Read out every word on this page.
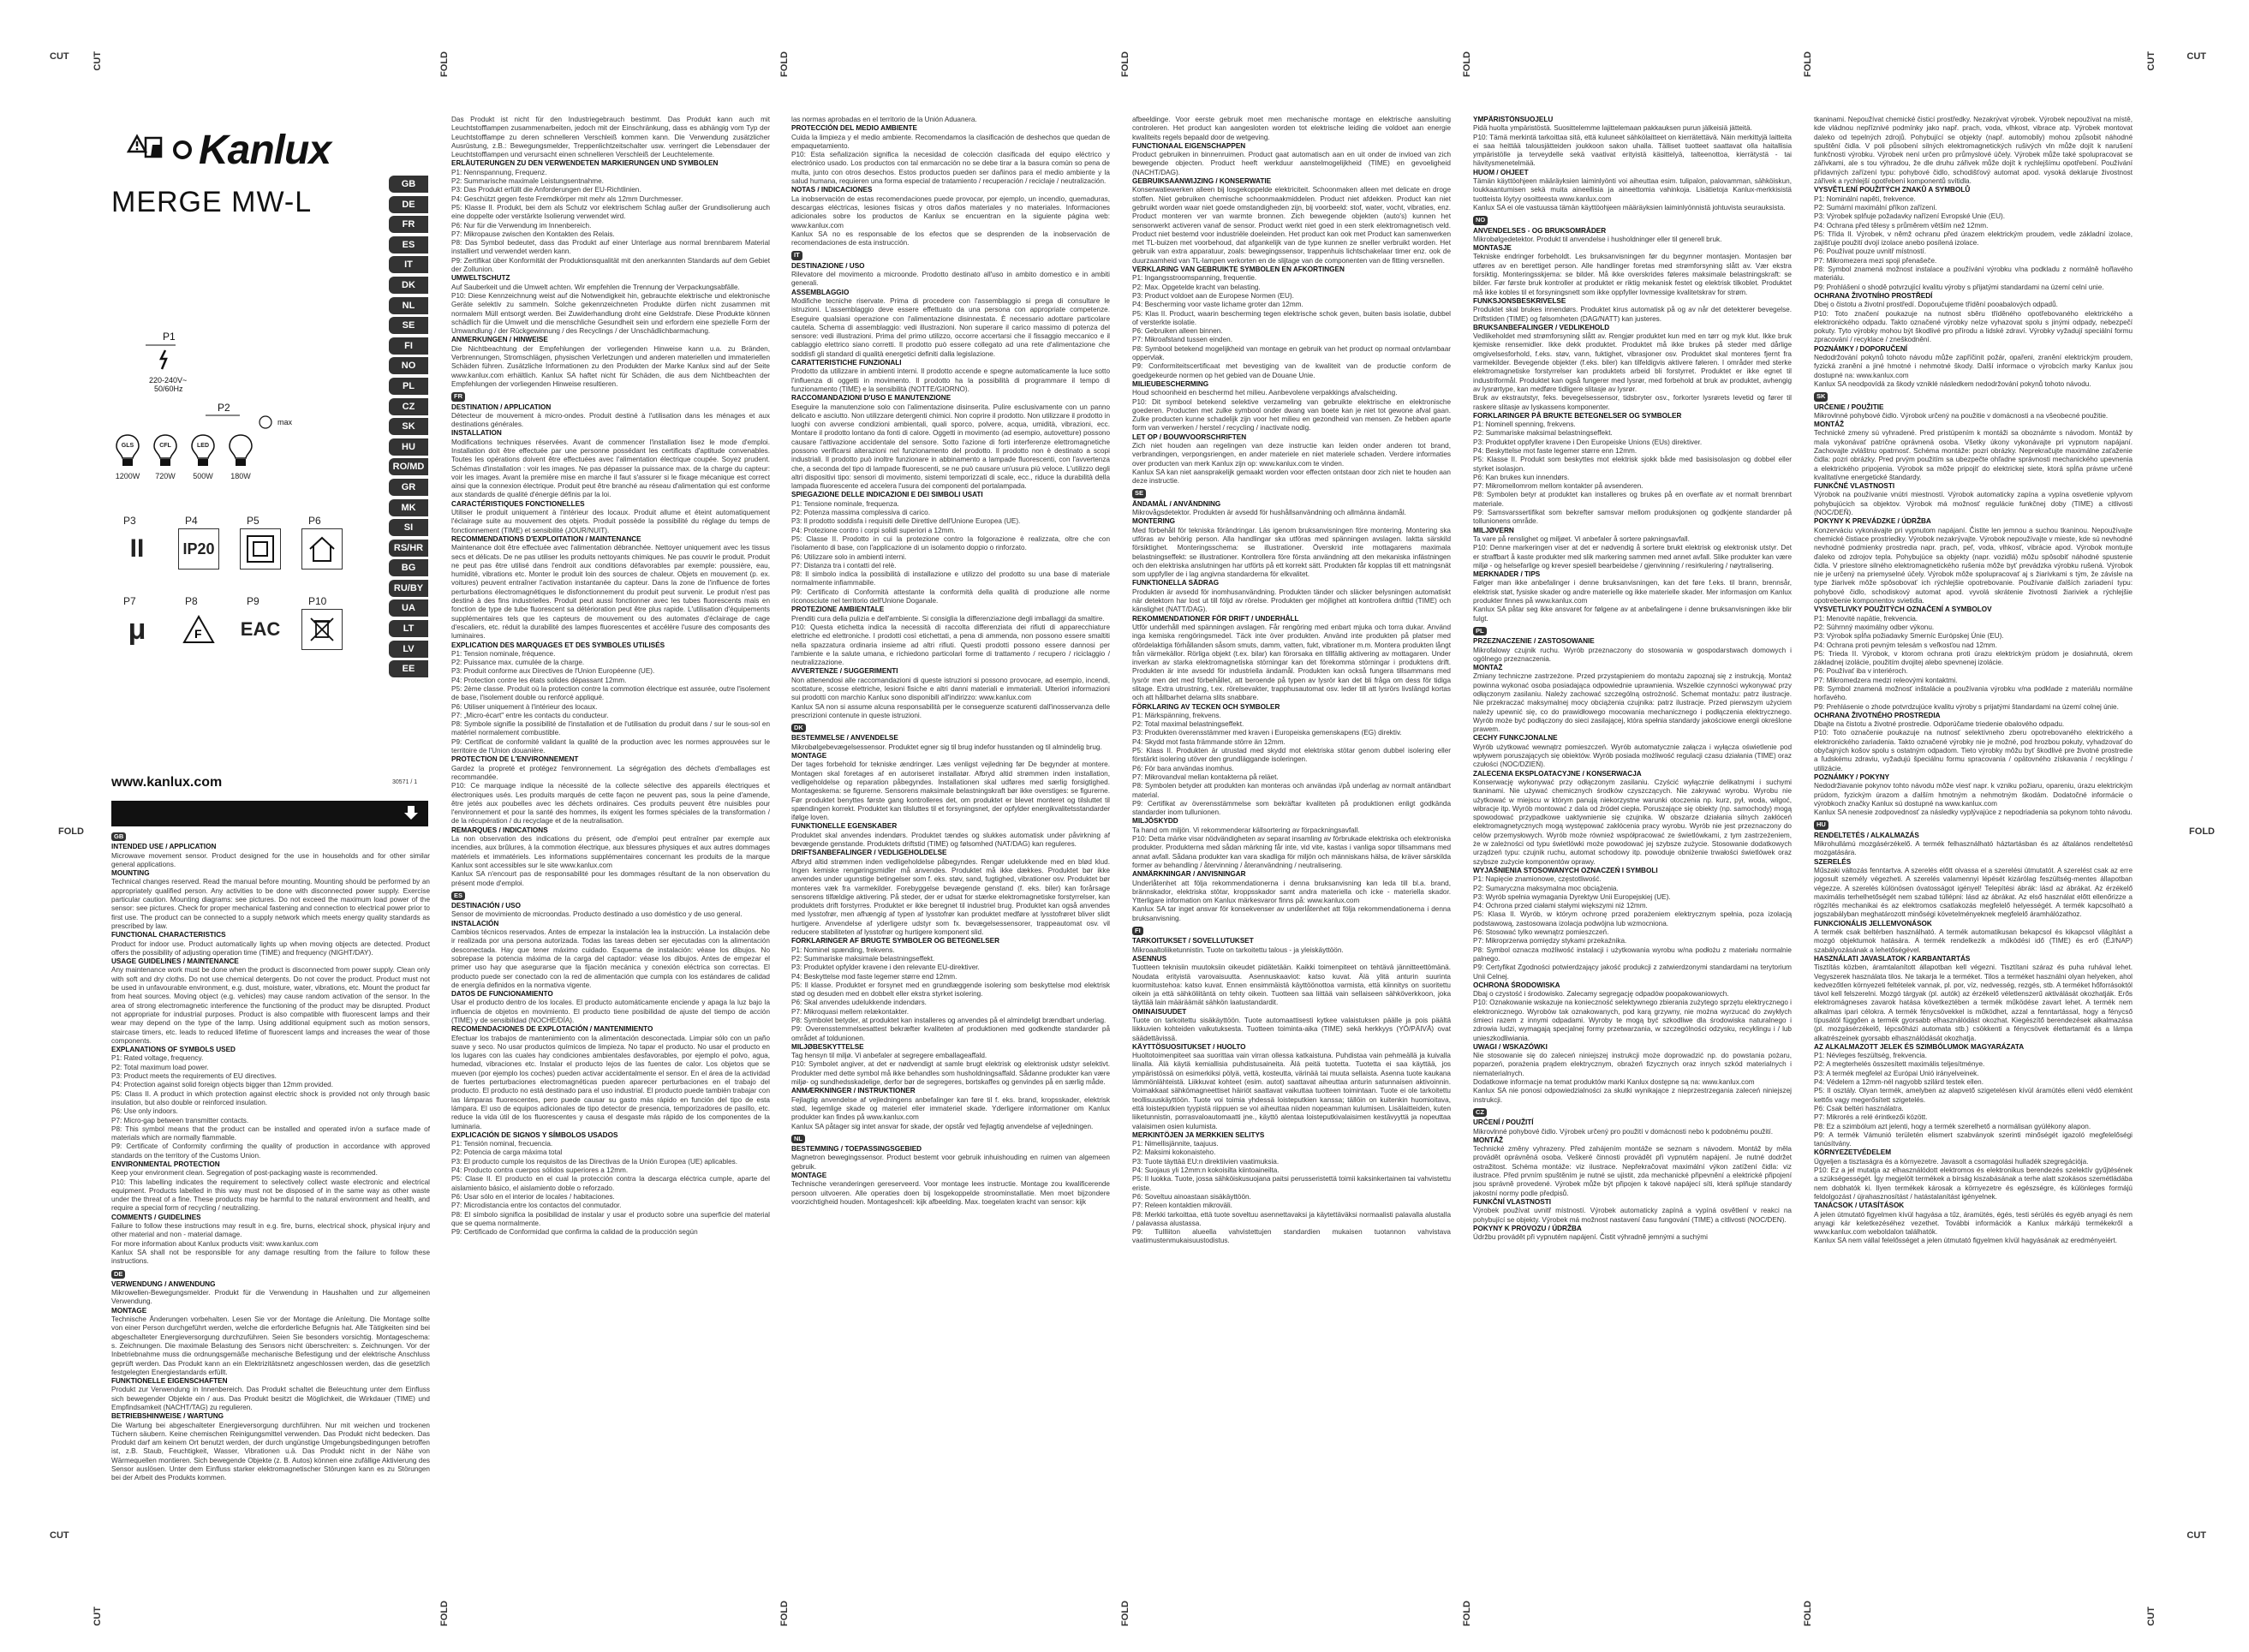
CUT	CUT
CUT	CUT
CUT	CUT
CUT	CUT
FOLD	FOLD	FOLD	FOLD	FOLD
FOLD	FOLD	FOLD	FOLD	FOLD
FOLD	FOLD
Kanlux
MERGE MW-L
GB
DE
FR
ES
IT
DK
NL
SE
FI
NO
PL
CZ
SK
HU
RO/MD
GR
MK
SI
RS/HR
BG
RU/BY
UA
LT
LV
EE
P1
220-240V~
50/60Hz
P2
max
GLS
1200W
CFL
720W
LED
500W	180W
P3
II
P4
IP20
P5	P6
P7
μ
P8
F
P9
EAC
P10
www.kanlux.com	30571 / 1
GB

INTENDED USE / APPLICATION

Microwave movement sensor. Product designed for the use in households and for other similar general applications.

MOUNTING

Technical changes reserved. Read the manual before mounting. Mounting should be performed by an appropriately qualified person. Any activities to be done with disconnected power supply. Exercise particular caution. Mounting diagrams: see pictures. Do not exceed the maximum load power of the sensor: see pictures. Check for proper mechanical fastening and connection to electrical power prior to first use. The product can be connected to a supply network which meets energy quality standards as prescribed by law.

FUNCTIONAL CHARACTERISTICS

Product for indoor use. Product automatically lights up when moving objects are detected. Product offers the possibility of adjusting operation time (TIME) and frequency (NIGHT/DAY).

USAGE GUIDELINES / MAINTENANCE

Any maintenance work must be done when the product is disconnected from power supply. Clean only with soft and dry cloths. Do not use chemical detergents. Do not cover the product. Product must not be used in unfavourable environment, e.g. dust, moisture, water, vibrations, etc. Mount the product far from heat sources. Moving object (e.g. vehicles) may cause random activation of the sensor. In the area of strong electromagnetic interference the functioning of the product may be disrupted. Product not appropriate for industrial purposes. Product is also compatible with fluorescent lamps and their wear may depend on the type of the lamp. Using additional equipment such as motion sensors, staircase timers, etc. leads to reduced lifetime of fluorescent lamps and increases the wear of those components.

EXPLANATIONS OF SYMBOLS USED

P1: Rated voltage, frequency.

P2: Total maximum load power.

P3: Product meets the requirements of EU directives.

P4: Protection against solid foreign objects bigger than 12mm provided.

P5: Class II. A product in which protection against electric shock is provided not only through basic insulation, but also double or reinforced insulation.

P6: Use only indoors.

P7: Micro-gap between transmitter contacts.

P8: This symbol means that the product can be installed and operated in/on a surface made of materials which are normally flammable.

P9: Certificate of Conformity confirming the quality of production in accordance with approved standards on the territory of the Customs Union.

ENVIRONMENTAL PROTECTION

Keep your environment clean. Segregation of post-packaging waste is recommended.

P10: This labelling indicates the requirement to selectively collect waste electronic and electrical equipment. Products labelled in this way must not be disposed of in the same way as other waste under the threat of a fine. These products may be harmful to the natural environment and health, and require a special form of recycling / neutralizing.

COMMENTS / GUIDELINES

Failure to follow these instructions may result in e.g. fire, burns, electrical shock, physical injury and other material and non - material damage.

For more information about Kanlux products visit: www.kanlux.com

Kanlux SA shall not be responsible for any damage resulting from the failure to follow these instructions.

DE

VERWENDUNG / ANWENDUNG

Mikrowellen-Bewegungsmelder. Produkt für die Verwendung in Haushalten und zur allgemeinen Verwendung.

MONTAGE

Technische Änderungen vorbehalten. Lesen Sie vor der Montage die Anleitung. Die Montage sollte von einer Person durchgeführt werden, welche die erforderliche Befugnis hat. Alle Tätigkeiten sind bei abgeschalteter Energieversorgung durchzuführen. Seien Sie besonders vorsichtig. Montageschema: s. Zeichnungen. Die maximale Belastung des Sensors nicht überschreiten: s. Zeichnungen. Vor der Inbetriebnahme muss die ordnungsgemäße mechanische Befestigung und der elektrische Anschluss geprüft werden. Das Produkt kann an ein Elektrizitätsnetz angeschlossen werden, das die gesetzlich festgelegten Energiestandards erfüllt.

FUNKTIONELLE EIGENSCHAFTEN

Produkt zur Verwendung in Innenbereich. Das Produkt schaltet die Beleuchtung unter dem Einfluss sich bewegender Objekte ein / aus. Das Produkt besitzt die Möglichkeit, die Wirkdauer (TIME) und Empfindsamkeit (NACHT/TAG) zu regulieren.

BETRIEBSHINWEISE / WARTUNG

Die Wartung bei abgeschalteter Energieversorgung durchführen. Nur mit weichen und trockenen Tüchern säubern. Keine chemischen Reinigungsmittel verwenden. Das Produkt nicht bedecken. Das Produkt darf am keinem Ort benutzt werden, der durch ungünstige Umgebungsbedingungen betroffen ist, z.B. Staub, Feuchtigkeit, Wasser, Vibrationen u.ä. Das Produkt nicht in der Nähe von Wärmequellen montieren. Sich bewegende Objekte (z. B. Autos) können eine zufällige Aktivierung des Sensor auslösen. Unter dem Einfluss starker elektromagnetischer Störungen kann es zu Störungen bei der Arbeit des Produkts kommen.

Das Produkt ist nicht für den Industriegebrauch bestimmt. Das Produkt kann auch mit Leuchtstofflampen zusammenarbeiten, jedoch mit der Einschränkung, dass es abhängig vom Typ der Leuchtstofflampe zu deren schnelleren Verschleiß kommen kann. Die Verwendung zusätzlicher Ausrüstung, z.B.: Bewegungsmelder, Treppenlichtzeitschalter usw. verringert die Lebensdauer der Leuchtstofflampen und verursacht einen schnelleren Verschleiß der Leuchtelemente.

ERLÄUTERUNGEN ZU DEN VERWENDETEN MARKIERUNGEN UND SYMBOLEN

P1: Nennspannung, Frequenz.

P2: Summarische maximale Leistungsentnahme.

P3: Das Produkt erfüllt die Anforderungen der EU-Richtlinien.

P4: Geschützt gegen feste Fremdkörper mit mehr als 12mm Durchmesser.

P5: Klasse II. Produkt, bei dem als Schutz vor elektrischem Schlag außer der Grundisolierung auch eine doppelte oder verstärkte Isolierung verwendet wird.

P6: Nur für die Verwendung im Innenbereich.

P7: Mikropause zwischen den Kontakten des Relais.

P8: Das Symbol bedeutet, dass das Produkt auf einer Unterlage aus normal brennbarem Material installiert und verwendet werden kann.

P9: Zertifikat über Konformität der Produktionsqualität mit den anerkannten Standards auf dem Gebiet der Zollunion.

UMWELTSCHUTZ

Auf Sauberkeit und die Umwelt achten. Wir empfehlen die Trennung der Verpackungsabfälle.

P10: Diese Kennzeichnung weist auf die Notwendigkeit hin, gebrauchte elektrische und elektronische Geräte selektiv zu sammeln. Solche gekennzeichneten Produkte dürfen nicht zusammen mit normalem Müll entsorgt werden. Bei Zuwiderhandlung droht eine Geldstrafe. Diese Produkte können schädlich für die Umwelt und die menschliche Gesundheit sein und erfordern eine spezielle Form der Umwandlung / der Rückgewinnung / des Recyclings / der Unschädlichbarmachung.

ANMERKUNGEN / HINWEISE

Die Nichtbeachtung der Empfehlungen der vorliegenden Hinweise kann u.a. zu Bränden, Verbrennungen, Stromschlägen, physischen Verletzungen und anderen materiellen und immateriellen Schäden führen. Zusätzliche Informationen zu den Produkten der Marke Kanlux sind auf der Seite www.kanlux.com erhältlich. Kanlux SA haftet nicht für Schäden, die aus dem Nichtbeachten der Empfehlungen der vorliegenden Hinweise resultieren.

FR

DESTINATION / APPLICATION

Détecteur de mouvement à micro-ondes. Produit destiné à l'utilisation dans les ménages et aux destinations générales.

INSTALLATION

Modifications techniques réservées. Avant de commencer l'installation lisez le mode d'emploi. Installation doit être effectuée par une personne possédant les certificats d'aptitude convenables. Toutes les opérations doivent être effectuées avec l'alimentation électrique coupée. Soyez prudent. Schémas d'installation : voir les images. Ne pas dépasser la puissance max. de la charge du capteur: voir les images. Avant la première mise en marche il faut s'assurer si le fixage mécanique est correct ainsi que la connexion électrique. Produit peut être branché au réseau d'alimentation qui est conforme aux standards de qualité d'énergie définis par la loi.

CARACTÉRISTIQUES FONCTIONELLES

Utiliser le produit uniquement à l'intérieur des locaux. Produit allume et éteint automatiquement l'éclairage suite au mouvement des objets. Produit possède la possibilité du réglage du temps de fonctionnement (TIME) et sensibilité (JOUR/NUIT).

RECOMMENDATIONS D'EXPLOITATION / MAINTENANCE

Maintenance doit être effectuée avec l'alimentation débranchée. Nettoyer uniquement avec les tissus secs et délicats. De ne pas utiliser les produits nettoyants chimiques. Ne pas couvrir le produit. Produit ne peut pas être utilisé dans l'endroit aux conditions défavorables par exemple: poussière, eau, humidité, vibrations etc. Monter le produit loin des sources de chaleur. Objets en mouvement (p. ex. voitures) peuvent entraîner l'activation instantanée du capteur. Dans la zone de l'influence de fortes perturbations électromagnétiques le disfonctionnement du produit peut survenir. Le produit n'est pas destiné à des fins industrielles. Produit peut aussi fonctionner avec les tubes fluorescents mais en fonction de type de tube fluorescent sa détérioration peut être plus rapide. L'utilisation d'équipements supplémentaires tels que les capteurs de mouvement ou des automates d'éclairage de cage d'escaliers, etc. réduit la durabilité des lampes fluorescentes et accélère l'usure des composants des luminaires.

EXPLICATION DES MARQUAGES ET DES SYMBOLES UTILISÉS

P1: Tension nominale, fréquence.

P2: Puissance max. cumulée de la charge.

P3: Produit conforme aux Directives de l'Union Européenne (UE).

P4: Protection contre les états solides dépassant 12mm.

P5: 2ème classe. Produit où la protection contre la commotion électrique est assurée, outre l'isolement de base, l'isolement double ou renforcé appliqué.

P6: Utiliser uniquement à l'intérieur des locaux.

P7: „Micro-écart" entre les contacts du conducteur.

P8: Symbole signifie la possibilité de l'installation et de l'utilisation du produit dans / sur le sous-sol en matériel normalement combustible.

P9: Certificat de conformité validant la qualité de la production avec les normes approuvées sur le territoire de l'Union douanière.

PROTECTION DE L'ENVIRONNEMENT

Gardez la propreté et protégez l'environnement. La ségrégation des déchets d'emballages est recommandée.

P10: Ce marquage indique la nécessité de la collecte sélective des appareils électriques et électroniques usés. Les produits marqués de cette façon ne peuvent pas, sous la peine d'amende, être jetés aux poubelles avec les déchets ordinaires. Ces produits peuvent être nuisibles pour l'environnement et pour la santé des hommes, ils exigent les formes spéciales de la transformation / de la récupération / du recyclage et de la neutralisation.

REMARQUES / INDICATIONS

La non observation des indications du présent, ode d'emploi peut entraîner par exemple aux incendies, aux brûlures, à la commotion électrique, aux blessures physiques et aux autres dommages matériels et immatériels. Les informations supplémentaires concernant les produits de la marque Kanlux sont accessibles sur le site www.kanlux.com

Kanlux SA n'encourt pas de responsabilité pour les dommages résultant de la non observation du présent mode d'emploi.

ES

DESTINACIÓN / USO

Sensor de movimiento de microondas. Producto destinado a uso doméstico y de uso general.

INSTALACIÓN

Cambios técnicos reservados. Antes de empezar la instalación lea la instrucción. La instalación debe ir realizada por una persona autorizada. Todas las tareas deben ser ejecutadas con la alimentación desconectada. Hay que tener máximo cuidado. Esquema de instalación: véase los dibujos. No sobrepase la potencia máxima de la carga del captador: véase los dibujos. Antes de empezar el primer uso hay que asegurarse que la fijación mecánica y conexión eléctrica son correctas. El producto puede ser conectado con la red de alimentación que cumpla con los estándares de calidad de energía definidos en la normativa vigente.

DATOS DE FUNCIONAMIENTO

Usar el producto dentro de los locales. El producto automáticamente enciende y apaga la luz bajo la influencia de objetos en movimiento. El producto tiene posibilidad de ajuste del tiempo de acción (TIME) y de sensibilidad (NOCHE/DÍA).

RECOMENDACIONES DE EXPLOTACIÓN / MANTENIMIENTO

Efectuar los trabajos de mantenimiento con la alimentación desconectada. Limpiar sólo con un paño suave y seco. No usar productos químicos de limpieza. No tapar el producto. No usar el producto en los lugares con las cuales hay condiciones ambientales desfavorables, por ejemplo el polvo, agua, humedad, vibraciones etc. Instalar el producto lejos de las fuentes de calor. Los objetos que se mueven (por ejemplo los coches) pueden activar accidentalmente el sensor. En el área de la actividad de fuertes perturbaciones electromagnéticas pueden aparecer perturbaciones en el trabajo del producto. El producto no está destinado para el uso industrial. El producto puede también trabajar con las lámparas fluorescentes, pero puede causar su gasto más rápido en función del tipo de esta lámpara. El uso de equipos adicionales de tipo detector de presencia, temporizadores de pasillo, etc. reduce la vida útil de los fluorescentes y causa el desgaste más rápido de los componentes de la luminaria.

EXPLICACIÓN DE SIGNOS Y SÍMBOLOS USADOS

P1: Tensión nominal, frecuencia.

P2: Potencia de carga máxima total

P3: El producto cumple los requisitos de las Directivas de la Unión Europea (UE) aplicables.

P4: Producto contra cuerpos sólidos superiores a 12mm.

P5: Clase II. El producto en el cual la protección contra la descarga eléctrica cumple, aparte del aislamiento básico, el aislamiento doble o reforzado.

P6: Usar sólo en el interior de locales / habitaciones.

P7: Microdistancia entre los contactos del conmutador.

P8: El símbolo significa la posibilidad de instalar y usar el producto sobre una superficie del material que se quema normalmente.

P9: Certificado de Conformidad que confirma la calidad de la producción según

las normas aprobadas en el territorio de la Unión Aduanera.

PROTECCIÓN DEL MEDIO AMBIENTE

Cuida la limpieza y el medio ambiente. Recomendamos la clasificación de deshechos que quedan de empaquetamiento.

P10: Esta señalización significa la necesidad de colección clasificada del equipo eléctrico y electrónico usado. Los productos con tal enmarcación no se debe tirar a la basura común so pena de multa, junto con otros desechos. Estos productos pueden ser dañinos para el medio ambiente y la salud humana, requieren una forma especial de tratamiento / recuperación / reciclaje / neutralización.

NOTAS / INDICACIONES

La inobservación de estas recomendaciones puede provocar, por ejemplo, un incendio, quemaduras, descargas eléctricas, lesiones físicas y otros daños materiales y no materiales. Informaciones adicionales sobre los productos de Kanlux se encuentran en la siguiente página web: www.kanlux.com

Kanlux SA no es responsable de los efectos que se desprenden de la inobservación de recomendaciones de esta instrucción.

IT

DESTINAZIONE / USO

Rilevatore del movimento a microonde. Prodotto destinato all'uso in ambito domestico e in ambiti generali.

ASSEMBLAGGIO

Modifiche tecniche riservate. Prima di procedere con l'assemblaggio si prega di consultare le istruzioni. L'assemblaggio deve essere effettuato da una persona con appropriate competenze. Eseguire qualsiasi operazione con l'alimentazione disinnestata. È necessario adottare particolare cautela. Schema di assemblaggio: vedi illustrazioni. Non superare il carico massimo di potenza del sensore: vedi illustrazioni. Prima del primo utilizzo, occorre accertarsi che il fissaggio meccanico e il cablaggio elettrico siano corretti. Il prodotto può essere collegato ad una rete d'alimentazione che soddisfi gli standard di qualità energetici definiti dalla legislazione.

CARATTERISTICHE FUNZIONALI

Prodotto da utilizzare in ambienti interni. Il prodotto accende e spegne automaticamente la luce sotto l'influenza di oggetti in movimento. Il prodotto ha la possibilità di programmare il tempo di funzionamento (TIME) e la sensibilità (NOTTE/GIORNO).

RACCOMANDAZIONI D'USO E MANUTENZIONE

Eseguire la manutenzione solo con l'alimentazione disinserita. Pulire esclusivamente con un panno delicato e asciutto. Non utilizzare detergenti chimici. Non coprire il prodotto. Non utilizzare il prodotto in luoghi con avverse condizioni ambientali, quali sporco, polvere, acqua, umidità, vibrazioni, ecc. Montare il prodotto lontano da fonti di calore. Oggetti in movimento (ad esempio, autovetture) possono causare l'attivazione accidentale del sensore. Sotto l'azione di forti interferenze elettromagnetiche possono verificarsi alterazioni nel funzionamento del prodotto. Il prodotto non è destinato a scopi industriali. Il prodotto può inoltre funzionare in abbinamento a lampade fluorescenti, con l'avvertenza che, a seconda del tipo di lampade fluorescenti, se ne può causare un'usura più veloce. L'utilizzo degli altri dispositivi tipo: sensori di movimento, sistemi temporizzati di scale, ecc., riduce la durabilità della lampada fluorescente ed accelera l'usura dei componenti del portalampada.

SPIEGAZIONE DELLE INDICAZIONI E DEI SIMBOLI USATI

P1: Tensione nominale, frequenza.

P2: Potenza massima complessiva di carico.

P3: Il prodotto soddisfa i requisiti delle Direttive dell'Unione Europea (UE).

P4: Protezione contro i corpi solidi superiori a 12mm.

P5: Classe II. Prodotto in cui la protezione contro la folgorazione è realizzata, oltre che con l'isolamento di base, con l'applicazione di un isolamento doppio o rinforzato.

P6: Utilizzare solo in ambienti interni.

P7: Distanza tra i contatti del relè.

P8: Il simbolo indica la possibilità di installazione e utilizzo del prodotto su una base di materiale normalmente infiammabile.

P9: Certificato di Conformità attestante la conformità della qualità di produzione alle norme riconosciute nel territorio dell'Unione Doganale.

PROTEZIONE AMBIENTALE

Prenditi cura della pulizia e dell'ambiente. Si consiglia la differenziazione degli imballaggi da smaltire.

P10: Questa etichetta indica la necessità di raccolta differenziata dei rifiuti di apparecchiature elettriche ed elettroniche. I prodotti così etichettati, a pena di ammenda, non possono essere smaltiti nella spazzatura ordinaria insieme ad altri rifiuti. Questi prodotti possono essere dannosi per l'ambiente e la salute umana, e richiedono particolari forme di trattamento / recupero / riciclaggio / neutralizzazione.

AVVERTENZE / SUGGERIMENTI

Non attenendosi alle raccomandazioni di queste istruzioni si possono provocare, ad esempio, incendi, scottature, scosse elettriche, lesioni fisiche e altri danni materiali e immateriali. Ulteriori informazioni sui prodotti con marchio Kanlux sono disponibili all'indirizzo: www.kanlux.com

Kanlux SA non si assume alcuna responsabilità per le conseguenze scaturenti dall'inosservanza delle prescrizioni contenute in queste istruzioni.

DK

BESTEMMELSE / ANVENDELSE

Mikrobølgebevægelsessensor. Produktet egner sig til brug indefor husstanden og til almindelig brug.

MONTAGE

Der tages forbehold for tekniske ændringer. Læs venligst vejledning før De begynder at montere. Montagen skal foretages af en autoriseret installatør. Afbryd altid strømmen inden installation, vedligeholdelse og reparation påbegyndes. Installationen skal udføres med særlig forsigtighed. Montageskema: se figurerne. Sensorens maksimale belastningskraft bør ikke overstiges: se figurerne. Før produktet benyttes første gang kontrolleres det, om produktet er blevet monteret og tilsluttet til spændingen korrekt. Produktet kan tilsluttes til et forsyningsnet, der opfylder energikvalitetsstandarder ifølge loven.

FUNKTIONELLE EGENSKABER

Produktet skal anvendes indendørs. Produktet tændes og slukkes automatisk under påvirkning af bevægende genstande. Produktets driftstid (TIME) og følsomhed (NAT/DAG) kan reguleres.

DRIFTSANBEFALINGER / VEDLIGEHOLDELSE

Afbryd altid strømmen inden vedligeholdelse påbegyndes. Rengør udelukkende med en blød klud. Ingen kemiske rengøringsmidler må anvendes. Produktet må ikke dækkes. Produktet bør ikke anvendes under ugunstige betingelser som f. eks. støv, sand, fugtighed, vibrationer osv. Produktet bør monteres væk fra varmekilder. Forebyggelse bevægende genstand (f. eks. biler) kan forårsage sensorens tilfældige aktivering. På steder, der er udsat for stærke elektromagnetiske forstyrrelser, kan produktets drift forstyrres. Produktet er ikke beregnet til industriel brug. Produktet kan også anvendes med lysstofrør, men afhængig af typen af lysstofrør kan produktet medføre at lysstofrøret bliver slidt hurtigere. Anvendelse af yderligere udstyr som fx. bevægelsessensorer, trappeautomat osv. vil reducere stabiliteten af lysstofrør og hurtigere komponent slid.

FORKLARINGER AF BRUGTE SYMBOLER OG BETEGNELSER

P1: Nominel spænding, frekvens.

P2: Summariske maksimale belastningseffekt.

P3: Produktet opfylder kravene i den relevante EU-direktiver.

P4: Beskyttelse mod faste legemer større end 12mm.

P5: Il klasse. Produktet er forsynet med en grundlæggende isolering som beskyttelse mod elektrisk stød og desuden med en dobbelt eller ekstra styrket isolering.

P6: Skal anvendes udelukkende indendørs.

P7: Mikroquasi mellem relækontakter.

P8: Symbolet betyder, at produktet kan installeres og anvendes på el almindeligt brændbart underlag.

P9: Overensstemmelsesattest bekræfter kvaliteten af produktionen med godkendte standarder på området af toldunionen.

MILJØBESKYTTELSE

Tag hensyn til miljø. Vi anbefaler at segregere emballageaffald.

P10: Symbolet angiver, at det er nødvendigt at samle brugt elektrisk og elektronisk udstyr selektivt. Produkter med dette symbol må ikke behandles som husholdningsaffald. Sådanne produkter kan være miljø- og sundhedsskadelige, derfor bør de segregeres, bortskaffes og genvindes på en særlig måde.

ANMÆRKNINGER / INSTRUKTIONER

Fejlagtig anvendelse af vejledningens anbefalinger kan føre til f. eks. brand, kropsskader, elektrisk stød, legemlige skade og materiel eller immateriel skade. Yderligere informationer om Kanlux produkter kan findes på www.kanlux.com

Kanlux SA påtager sig intet ansvar for skade, der opstår ved fejlagtig anvendelse af vejledningen.

NL

BESTEMMING / TOEPASSINGSGEBIED

Magnetron bewegingssensor. Product bestemt voor gebruik inhuishouding en ruimen van algemeen gebruik.

MONTAGE

Technische veranderingen gereserveerd. Voor montage lees instructie. Montage zou kwalificerende persoon uitvoeren. Alle operaties doen bij losgekoppelde stroominstallatie. Men moet bijzondere voorzichtigheid houden. Montageshceli: kijk afbeelding. Max. toegelaten kracht van sensor: kijk

afbeeldinge. Voor eerste gebruik moet men mechanische montage en elektrische aansluiting controleren. Het product kan aangesloten worden tot elektrische leiding die voldoet aan energie kwaliteits regels bepaald door de wetgeving.

FUNCTIONAAL EIGENSCHAPPEN

Product gebruiken in binnenruimen. Product gaat automatisch aan en uit onder de invloed van zich bewegende objecten. Product heeft werkduur aanstelmogelijkheid (TIME) en gevoeligheid (NACHT/DAG).

GEBRUIKSAANWIJZING / KONSERWATIE

Konserwatiewerken alleen bij losgekoppelde elektriciteit. Schoonmaken alleen met delicate en droge stoffen. Niet gebruiken chemische schoonmaakmiddelen. Product niet afdekken. Product kan niet gebruikt worden waar niet goede omstandigheden zijn, bij voorbeeld: stof, water, vocht, vibraties, enz. Product monteren ver van warmte bronnen. Zich bewegende objekten (auto's) kunnen het sensorwerkt activeren vanaf de sensor. Product werkt niet goed in een sterk elektromagnetisch veld. Product niet bestemd voor industriële doeleinden. Het product kan ook met Product kan samenwerken met TL-buizen met voorbehoud, dat afgankelijk van de type kunnen ze sneller verbruikt worden. Het gebruik van extra apparatuur, zoals: bewegingssensor, trappenhuis lichtschakelaar timer enz. ook de duurzaamheid van TL-lampen verkorten en de slijtage van de componenten van de fitting versnellen.

VERKLARING VAN GEBRUIKTE SYMBOLEN EN AFKORTINGEN

P1: Ingangsstroomspanning, frequentie.

P2: Max. Opgetelde kracht van belasting.

P3: Product voldoet aan de Europese Normen (EU).

P4: Bescherming voor vaste lichame groter dan 12mm.

P5: Klas II. Product, waarin bescherming tegen elektrische schok geven, buiten basis isolatie, dubbel of versterkte isolatie.

P6: Gebruiken alleen binnen.

P7: Mikroafstand tussen einden.

P8: Symbool betekend mogelijkheid van montage en gebruik van het product op normaal ontvlambaar oppervlak.

P9: Conformiteitscertificaat met bevestiging van de kwaliteit van de productie conform de goedgekeurde normen op het gebied van de Douane Unie.

MILIEUBESCHERMING

Houd schoonheid en beschermd het milieu. Aanbevolene verpakkings afvalscheiding.

P10: Dit symbool betekend selektive verzameling van gebruikte elektrische en elektronische goederen. Producten met zulke symbool onder dwang van boete kan je niet tot gewone afval gaan. Zulke producten kunne schadelijk zijn voor het milieu en gezondheid van mensen. Ze hebben aparte form van verwerken / herstel / recycling / inactivate nodig.

LET OP / BOUWVOORSCHRIFTEN

Zich niet houden aan regelingen van deze instructie kan leiden onder anderen tot brand, verbrandingen, verpongsriengen, en ander materiele en niet materiele schaden. Verdere informaties over producten van merk Kanlux zijn op: www.kanlux.com te vinden.

Kanlux SA kan niet aansprakelijk gemaakt worden voor effecten ontstaan door zich niet te houden aan deze instructie.

SE

ÄNDAMÅL / ANVÄNDNING

Mikrovågsdetektor. Produkten är avsedd för hushållsanvändning och allmänna ändamål.

MONTERING

Med förbehåll för tekniska förändringar. Läs igenom bruksanvisningen före montering. Montering ska utföras av behörig person. Alla handlingar ska utföras med spänningen avslagen. Iaktta särskild försiktighet. Monteringsschema: se illustrationer. Överskrid inte mottagarens maximala belastningseffekt: se illustrationer. Kontrollera före första användning att den mekaniska infästningen och den elektriska anslutningen har utförts på ett korrekt sätt. Produkten får kopplas till ett matningsnät som uppfyller de i lag angivna standarderna för elkvalitet.

FUNKTIONELLA SÄDRAG

Produkten är avsedd för inomhusanvändning. Produkten tänder och släcker belysningen automatiskt när detektorn har lost ut till följd av rörelse. Produkten ger möjlighet att kontrollera drifttid (TIME) och känslighet (NATT/DAG).

REKOMMENDATIONER FÖR DRIFT / UNDERHÅLL

Utför underhåll med spänningen avslagen. Får rengöring med enbart mjuka och torra dukar. Använd inga kemiska rengöringsmedel. Täck inte över produkten. Använd inte produkten på platser med ofördelaktiga förhållanden såsom smuts, damm, vatten, fukt, vibrationer m.m. Montera produkten långt från värmekällor. Rörliga objekt (t.ex. bilar) kan förorsaka en tillfällig aktivering av mottagaren. Under inverkan av starka elektromagnetiska störningar kan det förekomma störningar i produktens drift. Produkten är inte avsedd för industriella ändamål. Produkten kan också fungera tillsammans med lysrör men det med förbehållet, att beroende på typen av lysrör kan det bli fråga om dess för tidiga slitage. Extra utrustning, t.ex. rörelsevakter, trapphusautomat osv. leder till att lysrörs livslängd kortas och att hållbarhet delarna slits snabbare.

FÖRKLARING AV TECKEN OCH SYMBOLER

P1: Märkspänning, frekvens.

P2: Total maximal belastningseffekt.

P3: Produkten överensstämmer med kraven i Europeiska gemenskapens (EG) direktiv.

P4: Skydd mot fasta främmande större än 12mm.

P5: Klass II. Produkten är utrustad med skydd mot elektriska stötar genom dubbel isolering eller förstärkt isolering utöver den grundläggande isoleringen.

P6: För bara användas inomhus.

P7: Mikrovandval mellan kontakterna på reläet.

P8: Symbolen betyder att produkten kan monteras och användas i/på underlag av normalt antändbart material.

P9: Certifikat av överensstämmelse som bekräftar kvaliteten på produktionen enligt godkända standarder inom tullunionen.

MILJÖSKYDD

Ta hand om miljön. Vi rekommenderar källsortering av förpackningsavfall.

P10: Detta märke visar nödvändigheten av separat insamling av förbrukade elektriska och elektroniska produkter. Produkterna med sådan märkning får inte, vid vite, kastas i vanliga sopor tillsammans med annat avfall. Sådana produkter kan vara skadliga för miljön och människans hälsa, de kräver särskilda former av behandling / återvinning / återanvändning / neutralisering.

ANMÄRKNINGAR / ANVISNINGAR

Underlåtenhet att följa rekommendationerna i denna bruksanvisning kan leda till bl.a. brand, brännskador, elektriska stötar, kroppsskador samt andra materiella och icke - materiella skador. Ytterligare information om Kanlux märkesvaror finns på: www.kanlux.com

Kanlux SA tar inget ansvar för konsekvenser av underlåtenhet att följa rekommendationerna i denna bruksanvisning.

FI

TARKOITUKSET / SOVELLUTUKSET

Mikroaaltoliiketunnistin. Tuote on tarkoitettu talous - ja yleiskäyttöön.

ASENNUS

Tuotteen teknisiin muutoksiin oikeudet pidätetään. Kaikki toimenpiteet on tehtävä jännitteettömänä. Noudata erityistä varovaisuutta. Asennuskaaviot: katso kuvat. Älä ylitä anturin suurinta kuormitustehoa: katso kuvat. Ennen ensimmäistä käyttöönottoa varmista, että kiinnitys on suoritettu oikein ja että sähköliitäntä on tehty oikein. Tuotteen saa liittää vain sellaiseen sähköverkkoon, joka täyttää lain määräämät sähkön laatustandardit.

OMINAISUUDET

Tuote on tarkoitettu sisäkäyttöön. Tuote automaattisesti kytkee valaistuksen päälle ja pois päältä liikkuvien kohteiden vaikutuksesta. Tuotteen toiminta-aika (TIME) sekä herkkyys (YÖ/PÄIVÄ) ovat säädettävissä.

KÄYTTÖSUOSITUKSET / HUOLTO

Huoltotoimenpiteet saa suorittaa vain virran ollessa katkaistuna. Puhdistaa vain pehmeällä ja kuivalla liinalla. Älä käytä kemiallisia puhdistusaineita. Älä peitä tuotetta. Tuotetta ei saa käyttää, jos ympäristössä on esimerkiksi pölyä, vettä, kosteutta, värinää tai muuta sellaista. Asenna tuote kaukana lämmönlähteistä. Liikkuvat kohteet (esim. autot) saattavat aiheuttaa anturin satunnaisen aktivoinnin. Voimakkaat sähkömagneettiset häiriöt saattavat vaikuttaa tuotteen toimintaan. Tuote ei ole tarkoitettu teollisuuskäyttöön. Tuote voi toimia yhdessä loisteputkien kanssa; tällöin on kuitenkin huomioitava, että loisteputkien tyypistä riippuen se voi aiheuttaa niiden nopeamman kulumisen. Lisälaitteiden, kuten liiketunnistin, porrasvaloautomaatti jne., käyttö alentaa loisteputkivalaisimen kestävyyttä ja nopeuttaa valaisimen osien kulumista.

MERKINTÖJEN JA MERKKIEN SELITYS

P1: Nimellisjännite, taajuus.

P2: Maksimi kokonaisteho.

P3: Tuote täyttää EU:n direktiivien vaatimuksia.

P4: Suojaus yli 12mm:n kokoisilta kiintoaineilta.

P5: II luokka. Tuote, jossa sähköiskusuojana paitsi perusseristettä toimii kaksinkertainen tai vahvistettu eriste.

P6: Soveltuu ainoastaan sisäkäyttöön.

P7: Releen kontaktien mikroväli.

P8: Merkki tarkoittaa, että tuote soveltuu asennettavaksi ja käytettäväksi normaalisti palavalla alustalla / palavassa alustassa.

P9: Tullliiton alueella vahvistettujen standardien mukaisen tuotannon vahvistava vaatimustenmukaisuustodistus.

YMPÄRISTÖNSUOJELU

Pidä huolta ympäristöstä. Suosittelemme lajittelemaan pakkauksen purun jälkeisiä jätteitä.

P10: Tämä merkintä tarkoittaa sitä, että kuluneet sähkölaitteet on kierrätettävä. Näin merkittyjä laitteita ei saa heittää talousjätteiden joukkoon sakon uhalla. Tälliset tuotteet saattavat olla haitallisia ympäristölle ja terveydelle sekä vaativat erityistä käsittelyä, talteenottoa, kierrätystä - tai hävitysmenetelmää.

HUOM / OHJEET

Tämän käyttöohjeen määräyksien laiminlyönti voi aiheuttaa esim. tulipalon, palovamman, sähköiskun, loukkaantumisen sekä muita aineellisia ja aineettomia vahinkoja. Lisätietoja Kanlux-merkkisistä tuotteista löytyy osoitteesta www.kanlux.com

Kanlux SA ei ole vastuussa tämän käyttöohjeen määräyksien laiminlyönnistä johtuvista seurauksista.

NO

ANVENDELSES - OG BRUKSOMRÅDER

Mikrobølgedetektor. Produkt til anvendelse i husholdninger eller til generell bruk.

MONTASJE

Tekniske endringer forbeholdt. Les bruksanvisningen før du begynner montasjen. Montasjen bør utføres av en berettiget person. Alle handlinger foretas med strømforsyning slått av. Vær ekstra forsiktig. Monteringsskjema: se bilder. Må ikke overskrides føleres maksimale belastningskraft: se bilder. Før første bruk kontroller at produktet er riktig mekanisk festet og elektrisk tilkoblet. Produktet må ikke kobles til et forsyningsnett som ikke oppfyller lovmessige kvalitetskrav for strøm.

FUNKSJONSBESKRIVELSE

Produktet skal brukes innendørs. Produktet kirus automatisk på og av når det detekterer bevegelse. Driftstiden (TIME) og følsomheten (DAG/NATT) kan justeres.

BRUKSANBEFALINGER / VEDLIKEHOLD

Vedlikeholdet med strømforsyning slått av. Rengjør produktet kun med en tørr og myk klut. Ikke bruk kjemiske rensemidler. Ikke dekk produktet. Produktet må ikke brukes på steder med dårlige omgivelsesforhold, f.eks. støv, vann, fuktighet, vibrasjoner osv. Produktet skal monteres fjernt fra varmekilder. Bevegende objekter (f.eks. biler) kan tilfeldigvis aktivere føleren. I områder med sterke elektromagnetiske forstyrrelser kan produktets arbeid bli forstyrret. Produktet er ikke egnet til industriformål. Produktet kan også fungerer med lysrør, med forbehold at bruk av produktet, avhengig av lysrørtype, kan medføre tidligere slitasje av lysrør.

Bruk av ekstrautstyr, feks. bevegelsessensor, tidsbryter osv., forkorter lysrørets levetid og fører til raskere slitasje av lyskassens komponenter.

FORKLARINGER PÅ BRUKTE BETEGNELSER OG SYMBOLER

P1: Nominell spenning, frekvens.

P2: Summariske maksimal belastningseffekt.

P3: Produktet oppfyller kravene i Den Europeiske Unions (EUs) direktiver.

P4: Beskyttelse mot faste legemer større enn 12mm.

P5: Klasse II. Produkt som beskyttes mot elektrisk sjokk både med basisisolasjon og dobbel eller styrket isolasjon.

P6: Kan brukes kun innendørs.

P7: Mikromellomrom mellom kontakter på avsenderen.

P8: Symbolen betyr at produktet kan installeres og brukes på en overflate av et normalt brennbart materiale.

P9: Samsvarssertifikat som bekrefter samsvar mellom produksjonen og godkjente standarder på tollunionens område.

MILJØVERN

Ta vare på renslighet og miljøet. Vi anbefaler å sortere pakningsavfall.

P10: Denne markeringen viser at det er nødvendig å sortere brukt elektrisk og elektronisk utstyr. Det er straffbart å kaste produkter med slik markering sammen med annet avfall. Slike produkter kan være miljø - og helsefarlige og krever spesiell bearbeidelse / gjenvinning / resirkulering / nøytralisering.

MERKNADER / TIPS

Følger man ikke anbefalinger i denne bruksanvisningen, kan det føre f.eks. til brann, brennsår, elektrisk støt, fysiske skader og andre materielle og ikke materielle skader. Mer informasjon om Kanlux produkter finnes på www.kanlux.com

Kanlux SA påtar seg ikke ansvaret for følgene av at anbefalingene i denne bruksanvisningen ikke blir fulgt.

PL

PRZEZNACZENIE / ZASTOSOWANIE

Mikrofalowy czujnik ruchu. Wyrób przeznaczony do stosowania w gospodarstwach domowych i ogólnego przeznaczenia.

MONTAŻ

Zmiany techniczne zastrzeżone. Przed przystąpieniem do montażu zapoznaj się z instrukcją. Montaż powinna wykonać osoba posiadająca odpowiednie uprawnienia. Wszelkie czynności wykonywać przy odłączonym zasilaniu. Należy zachować szczególną ostrożność. Schemat montażu: patrz ilustracje. Nie przekraczać maksymalnej mocy obciążenia czujnika: patrz ilustracje. Przed pierwszym użyciem należy upewnić się, co do prawidłowego mocowania mechanicznego i podłączenia elektrycznego. Wyrób może być podłączony do sieci zasilającej, która spełnia standardy jakościowe energii określone prawem.

CECHY FUNKCJONALNE

Wyrób użytkować wewnątrz pomieszczeń. Wyrób automatycznie załącza i wyłącza oświetlenie pod wpływem poruszających się obiektów. Wyrób posiada możliwość regulacji czasu działania (TIME) oraz czułości (NOC/DZIEŃ).

ZALECENIA EKSPLOATACYJNE / KONSERWACJA

Konserwację wykonywać przy odłączonym zasilaniu. Czyścić wyłącznie delikatnymi i suchymi tkaninami. Nie używać chemicznych środków czyszczących. Nie zakrywać wyrobu. Wyrobu nie użytkować w miejscu w którym panują niekorzystne warunki otoczenia np. kurz, pył, woda, wilgoć, wibracje itp. Wyrób montować z dala od źródeł ciepła. Poruszające się obiekty (np. samochody) mogą spowodować przypadkowe uaktywnienie się czujnika. W obszarze działania silnych zakłóceń elektromagnetycznych mogą występować zakłócenia pracy wyrobu. Wyrób nie jest przeznaczony do celów przemysłowych. Wyrób może również współpracować ze świetlówkami, z tym zastrzeżeniem, że w zależności od typu świetlówki może powodować jej szybsze zużycie. Stosowanie dodatkowych urządzeń typu: czujnik ruchu, automat schodowy itp. powoduje obniżenie trwałości świetlówek oraz szybsze zużycie komponentów oprawy.

WYJAŚNIENIA STOSOWANYCH OZNACZEŃ I SYMBOLI

P1: Napięcie znamionowe, częstotliwość.

P2: Sumaryczna maksymalna moc obciążenia.

P3: Wyrób spełnia wymagania Dyrektyw Unii Europejskiej (UE).

P4: Ochrona przed ciałami stałymi większymi niż 12mm.

P5: Klasa II. Wyrób, w którym ochronę przed porażeniem elektrycznym spełnia, poza izolacją podstawową, zastosowana izolacja podwójna lub wzmocniona.

P6: Stosować tylko wewnątrz pomieszczeń.

P7: Mikroprzerwa pomiędzy stykami przekaźnika.

P8: Symbol oznacza możliwość instalacji i użytkowania wyrobu w/na podłożu z materiału normalnie palnego.

P9: Certyfikat Zgodności potwierdzający jakość produkcji z zatwierdzonymi standardami na terytorium Unii Celnej.

OCHRONA ŚRODOWISKA

Dbaj o czystość i środowisko. Zalecamy segregację odpadów poopakowaniowych.

P10: Oznakowanie wskazuje na konieczność selektywnego zbierania zużytego sprzętu elektrycznego i elektronicznego. Wyrobów tak oznakowanych, pod karą grzywny, nie można wyrzucać do zwykłych śmieci razem z innymi odpadami. Wyroby te mogą być szkodliwe dla środowiska naturalnego i zdrowia ludzi, wymagają specjalnej formy przetwarzania, w szczególności odzysku, recyklingu i / lub unieszkodliwiania.

UWAGI / WSKAZÓWKI

Nie stosowanie się do zaleceń niniejszej instrukcji może doprowadzić np. do powstania pożaru, poparzeń, porażenia prądem elektrycznym, obrażeń fizycznych oraz innych szkód materialnych i niematerialnych.

Dodatkowe informacje na temat produktów marki Kanlux dostępne są na: www.kanlux.com

Kanlux SA nie ponosi odpowiedzialności za skutki wynikające z nieprzestrzegania zaleceń niniejszej instrukcji.

CZ

URČENÍ / POUŽITÍ

Mikrovlnné pohybové čidlo. Výrobek určený pro použití v domácnosti nebo k podobnému použití.

MONTÁŽ

Technické změny vyhrazeny. Před zahájením montáže se seznam s návodem. Montáž by měla provádět oprávněná osoba. Veškeré činnosti provádět při vypnutém napájení. Je nutné dodržet ostražitost. Schéma montáže: viz ilustrace. Nepřekračovat maximální výkon zatížení čidla: viz ilustrace. Před prvním spuštěním je nutné se ujistit, zda mechanické připevnění a elektrické připojení jsou správně provedené. Výrobek může být připojen k takové napájecí síti, která splňuje standardy jakostní normy podle předpisů.

FUNKČNÍ VLASTNOSTI

Výrobek používat uvnitř místností. Výrobek automaticky zapíná a vypíná osvětlení v reakci na pohybující se objekty. Výrobek má možnost nastavení času fungování (TIME) a citlivosti (NOC/DEN).

POKYNY K PROVOZU / ÚDRŽBA

Údržbu provádět při vypnutém napájení. Čistit výhradně jemnými a suchými

tkaninami. Nepoužívat chemické čisticí prostředky. Nezakrývat výrobek. Výrobek nepoužívat na místě, kde vládnou nepříznivé podmínky jako např. prach, voda, vlhkost, vibrace atp. Výrobek montovat daleko od tepelných zdrojů. Pohybující se objekty (např. automobily) mohou způsobit náhodné spuštění čidla. V poli působení silných elektromagnetických rušivých vln může dojít k narušení funkčnosti výrobku. Výrobek není určen pro průmyslové účely. Výrobek může také spolupracovat se zářivkami, ale s tou výhradou, že dle druhu zářivek může dojít k rychlejšímu opotřebení. Používání přídavných zařízení typu: pohybové čidlo, schodišťový automat apod. vysoká deklaruje živostnost zářivek a rychlejší opotřebení komponentů svítidla.

VYSVĚTLENÍ POUŽITÝCH ZNAKŮ A SYMBOLŮ

P1: Nominální napětí, frekvence.

P2: Sumární maximální příkon zařízení.

P3: Výrobek splňuje požadavky nařízení Evropské Unie (EU).

P4: Ochrana před tělesy s průměrem větším než 12mm.

P5: Třída II. Výrobek, v němž ochranu před úrazem elektrickým proudem, vedle základní izolace, zajišťuje použití dvojí izolace anebo posílená izolace.

P6: Používat pouze uvnitř místností.

P7: Mikromezera mezi spoji přenašeče.

P8: Symbol znamená možnost instalace a používání výrobku v/na podkladu z normálně hořlavého materiálu.

P9: Prohlášení o shodě potvrzující kvalitu výroby s přijatými standardami na území celní unie.

OCHRANA ŽIVOTNÍHO PROSTŘEDÍ

Dbej o čistotu a životní prostředí. Doporučujeme třídění pooabalových odpadů.

P10: Toto značení poukazuje na nutnost sběru tříděného opotřebovaného elektrického a elektronického odpadu. Takto označené výrobky nelze vyhazovat spolu s jinými odpady, nebezpečí pokuty. Tyto výrobky mohou být škodlivé pro přírodu a lidské zdraví. Výrobky vyžadují speciální formu zpracování / recyklace / zneškodnění.

POZNÁMKY / DOPORUČENÍ

Nedodržování pokynů tohoto návodu může zapříčinit požár, opařeni, zranění elektrickým proudem, fyzická zranění a jiné hmotné i nehmotné škody. Další informace o výrobcích marky Kanlux jsou dostupné na: www.kanlux.com

Kanlux SA neodpovídá za škody vzniklé následkem nedodržování pokynů tohoto návodu.

SK

URČENIE / POUŽITIE

Mikrovlnné pohybové čidlo. Výrobok určený na použitie v domácnosti a na všeobecné použitie.

MONTÁŽ

Technické zmeny sú vyhradené. Pred pristúpením k montáži sa oboznámte s návodom. Montáž by mala vykonávať patrične oprávnená osoba. Všetky úkony vykonávajte pri vypnutom napájaní. Zachovajte zvláštnu opatrnosť. Schéma montáže: pozri obrázky. Neprekračujte maximálne zaťaženie čidla: pozri obrázky. Pred prvým použitím sa ubezpečte ohľadne správnosti mechanického upevnenia a elektrického pripojenia. Výrobok sa môže pripojiť do elektrickej siete, ktorá spĺňa právne určené kvalitatívne energetické štandardy.

FUNKČNÉ VLASTNOSTI

Výrobok na používanie vnútri miestností. Výrobok automaticky zapína a vypína osvetlenie vplyvom pohybujúcich sa objektov. Výrobok má možnosť regulácie funkčnej doby (TIME) a citlivosti (NOC/DEŇ).

POKYNY K PREVÁDZKE / ÚDRŽBA

Konzerváciu vykonávajte pri vypnutom napájaní. Čistite len jemnou a suchou tkaninou. Nepoužívajte chemické čistiace prostriedky. Výrobok nezakrývajte. Výrobok nepoužívajte v mieste, kde sú nevhodné nevhodné podmienky prostredia napr. prach, peľ, voda, vlhkosť, vibrácie apod. Výrobok montujte ďaleko od zdrojov tepla. Pohybujúce sa objekty (napr. vozidlá) môžu spôsobiť náhodné spustenie čidla. V priestore silného elektromagnetického rušenia môže byť prevádzka výrobku rušená. Výrobok nie je určený na priemyselné účely. Výrobok môže spolupracovať aj s žiarivkami s tým, že závisle na type žiarivek môže spôsobovať ich rýchlejšie opotrebovanie. Používanie ďalších zariadení typu: pohybové čidlo, schodiskový automat apod. vyvolá skrátenie životnosti žiariviek a rýchlejšie opotrebenie komponentov svietidla.

VYSVETLIVKY POUŽITÝCH OZNAČENÍ A SYMBOLOV

P1: Menovité napätie, frekvencia.

P2: Súhrnný maximálny odber výkonu.

P3: Výrobok spĺňa požiadavky Smerníc Európskej Únie (EU).

P4: Ochrana proti pevným telesám s veľkosťou nad 12mm.

P5: Trieda II. Výrobok, v ktorom ochrana proti úrazu elektrickým prúdom je dosiahnutá, okrem základnej izolácie, použitím dvojitej alebo spevnenej izolácie.

P6: Používať iba v interiéroch.

P7: Mikromedzera medzi releovými kontaktmi.

P8: Symbol znamená možnosť inštalácie a používania výrobku v/na podklade z materiálu normálne horľavého.

P9: Prehlásenie o zhode potvrdzujúce kvalitu výroby s prijatými štandardami na území colnej únie.

OCHRANA ŽIVOTNÉHO PROSTREDIA

Dbajte na čistotu a životné prostredie. Odporúčame triedenie obalového odpadu.

P10: Toto označenie poukazuje na nutnosť selektívneho zberu opotrebovaného elektrického a elektronického zariadenia. Takto označené výrobky nie je možné, pod hrozbou pokuty, vyhadzovať do obyčajných košov spolu s ostatným odpadom. Tieto výrobky môžu byť škodlivé pre životné prostredie a ľudskému zdraviu, vyžadujú špeciálnu formu spracovania / opätovného získavania / recyklingu / utilizácie.

POZNÁMKY / POKYNY

Nedodržiavanie pokynov tohto návodu môže viesť napr. k vzniku požiaru, opareniu, úrazu elektrickým prúdom, fyzickým úrazom a ďalším hmotným a nehmotným škodám. Dodatočné informácie o výrobkoch značky Kanlux sú dostupné na www.kanlux.com

Kanlux SA nenesie zodpovednosť za následky vyplývajúce z nepodriadenia sa pokynom tohto návodu.

HU

RENDELTETÉS / ALKALMAZÁS

Mikrohullámú mozgásérzékelő. A termék felhasználható háztartásban és az általános rendeltetésű mozgatására.

SZERELÉS

Műszaki változás fenntartva. A szerelés előtt olvassa el a szerelési útmutatót. A szerelést csak az erre jogosult személy végezheti. A szerelés valamennyi lépését kizárólag feszültség-mentes állapotban végezze. A szerelés különösen óvatosságot igényel! Telepítési ábrák: lásd az ábrákat. Az érzékelő maximális terhelhetőségét nem szabad túllépni: lásd az ábrákat. Az első használat előtt ellenőrizze a rögzítés mechanikai és az elektromos csatlakozás megfelelő helyességét. A termék kapcsolható a jogszabályban meghatározott minőségi követelményeknek megfelelő áramhálózathoz.

FUNKCIONÁLIS JELLEMVONÁSOK

A termék csak beltérben használható. A termék automatikusan bekapcsol és kikapcsol világítást a mozgó objektumok hatására. A termék rendelkezik a működési idő (TIME) és erő (ÉJ/NAP) szabályozásának a lehetőségével.

HASZNÁLATI JAVASLATOK / KARBANTARTÁS

Tisztítás közben, áramtalanított állapotban kell végezni. Tisztítani száraz és puha ruhával lehet. Vegyszerek használata tilos. Ne takarja le a terméket. Tilos a terméket használni olyan helyeken, ahol kedvezőtlen környezeti feltételek vannak, pl. por, víz, nedvesség, rezgés, stb. A terméket hőforrásoktól távol kell felszerelni. Mozgó tárgyak (pl. autók) az érzékelő véletlenszerű aktiválását okozhatják. Erős elektromágneses zavarok hatása következtében a termék működése zavart lehet. A termék nem alkalmas ipari célokra. A termék fénycsövekkel is működhet, azzal a fenntartással, hogy a fénycső típusától függően a termék gyorsabb elhasználódást okozhat. Kiegészítő berendezések alkalmazása (pl. mozgásérzékelő, lépcsőházi automata stb.) csökkenti a fénycsövek élettartamát és a lámpa alkatrészeinek gyorsabb elhasználódását okozhatja.

AZ ALKALMAZOTT JELEK ÉS SZIMBÓLUMOK MAGYARÁZATA

P1: Névleges feszültség, frekvencia.

P2: A megterhelés összesített maximális teljesítménye.

P3: A termék megfelel az Európai Unió irányelveinek.

P4: Védelem a 12mm-nél nagyobb szilárd testek ellen.

P5: II osztály. Olyan termék, amelyben az alapvető szigetelésen kívül áramütés elleni védő elemként kettős vagy megerősített szigetelés.

P6: Csak beltéri használatra.

P7: Mikrorés a relé érintkezői között.

P8: Ez a szimbólum azt jelenti, hogy a termék szerelhető a normálisan gyúlékony alapon.

P9: A termék Vámunió területén elismert szabványok szerinti minőségét igazoló megfelelőségi tanúsítvány.

KÖRNYEZETVÉDELEM

Ügyeljen a tisztaságra és a környezetre. Javasolt a csomagolási hulladék szegregációja.

P10: Ez a jel mutatja az elhasználódott elektromos és elektronikus berendezés szelektív gyűjtésének a szükségességét. Így megjelölt termékek a bírság kiszabásának a terhe alatt szokásos szemétládába nem dobhatók ki. Ilyen termékek károsak a környezetre és egészségre, és különleges formájú feldolgozást / újrahasznosítást / hatástalanítást igényelnek.

TANÁCSOK / UTASÍTÁSOK

A jelen útmutató figyelmen kívül hagyása a tűz, áramütés, égés, testi sérülés és egyéb anyagi és nem anyagi kár keletkezéséhez vezethet. További információk a Kanlux márkájú termékekről a www.kanlux.com weboldalon találhatók.

Kanlux SA nem vállal felelősséget a jelen útmutató figyelmen kívül hagyásának az eredményeiért.
